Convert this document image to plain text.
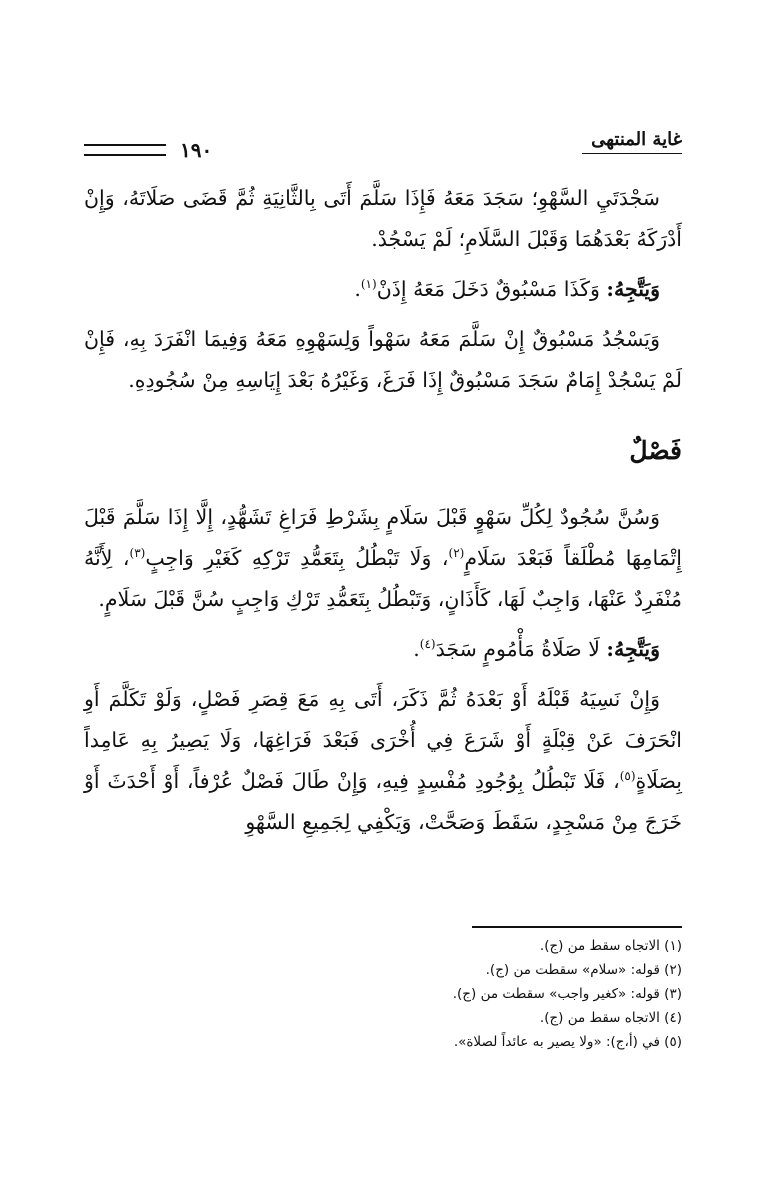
غاية المنتهى
١٩٠

سَجْدَتَيِ السَّهْوِ؛ سَجَدَ مَعَهُ فَإِذَا سَلَّمَ أَتَى بِالثَّانِيَةِ ثُمَّ قَضَى صَلَاتَهُ، وَإِنْ أَدْرَكَهُ بَعْدَهُمَا وَقَبْلَ السَّلَامِ؛ لَمْ يَسْجُدْ.

وَيَتَّجِهُ: وَكَذَا مَسْبُوقٌ دَخَلَ مَعَهُ إِذَنْ$^{(١)}$.

وَيَسْجُدُ مَسْبُوقٌ إِنْ سَلَّمَ مَعَهُ سَهْواً وَلِسَهْوِهِ مَعَهُ وَفِيمَا انْفَرَدَ بِهِ، فَإِنْ لَمْ يَسْجُدْ إِمَامٌ سَجَدَ مَسْبُوقٌ إِذَا فَرَغَ، وَغَيْرُهُ بَعْدَ إِيَاسِهِ مِنْ سُجُودِهِ.

فَصْلٌ

وَسُنَّ سُجُودٌ لِكُلِّ سَهْوٍ قَبْلَ سَلَامٍ بِشَرْطِ فَرَاغِ تَشَهُّدٍ، إِلَّا إِذَا سَلَّمَ قَبْلَ إِتْمَامِهَا مُطْلَقاً فَبَعْدَ سَلَامٍ$^{(٢)}$، وَلَا تَبْطُلُ بِتَعَمُّدِ تَرْكِهِ كَغَيْرِ وَاجِبٍ$^{(٣)}$، لِأَنَّهُ مُنْفَرِدٌ عَنْهَا، وَاجِبٌ لَهَا، كَأَذَانٍ، وَتَبْطُلُ بِتَعَمُّدِ تَرْكِ وَاجِبٍ سُنَّ قَبْلَ سَلَامٍ.

وَيَتَّجِهُ: لَا صَلَاةُ مَأْمُومٍ سَجَدَ$^{(٤)}$.

وَإِنْ نَسِيَهُ قَبْلَهُ أَوْ بَعْدَهُ ثُمَّ ذَكَرَ، أَتَى بِهِ مَعَ قِصَرِ فَصْلٍ، وَلَوْ تَكَلَّمَ أَوِ انْحَرَفَ عَنْ قِبْلَةٍ أَوْ شَرَعَ فِي أُخْرَى فَبَعْدَ فَرَاغِهَا، وَلَا يَصِيرُ بِهِ عَامِداً بِصَلَاةٍ$^{(٥)}$، فَلَا تَبْطُلُ بِوُجُودِ مُفْسِدٍ فِيهِ، وَإِنْ طَالَ فَصْلٌ عُرْفاً، أَوْ أَحْدَثَ أَوْ خَرَجَ مِنْ مَسْجِدٍ، سَقَطَ وَصَحَّتْ، وَيَكْفِي لِجَمِيعِ السَّهْوِ

(١) الاتجاه سقط من (ج).
(٢) قوله: «سلام» سقطت من (ج).
(٣) قوله: «كغير واجب» سقطت من (ج).
(٤) الاتجاه سقط من (ج).
(٥) في (أ،ج): «ولا يصير به عائداً لصلاة».
